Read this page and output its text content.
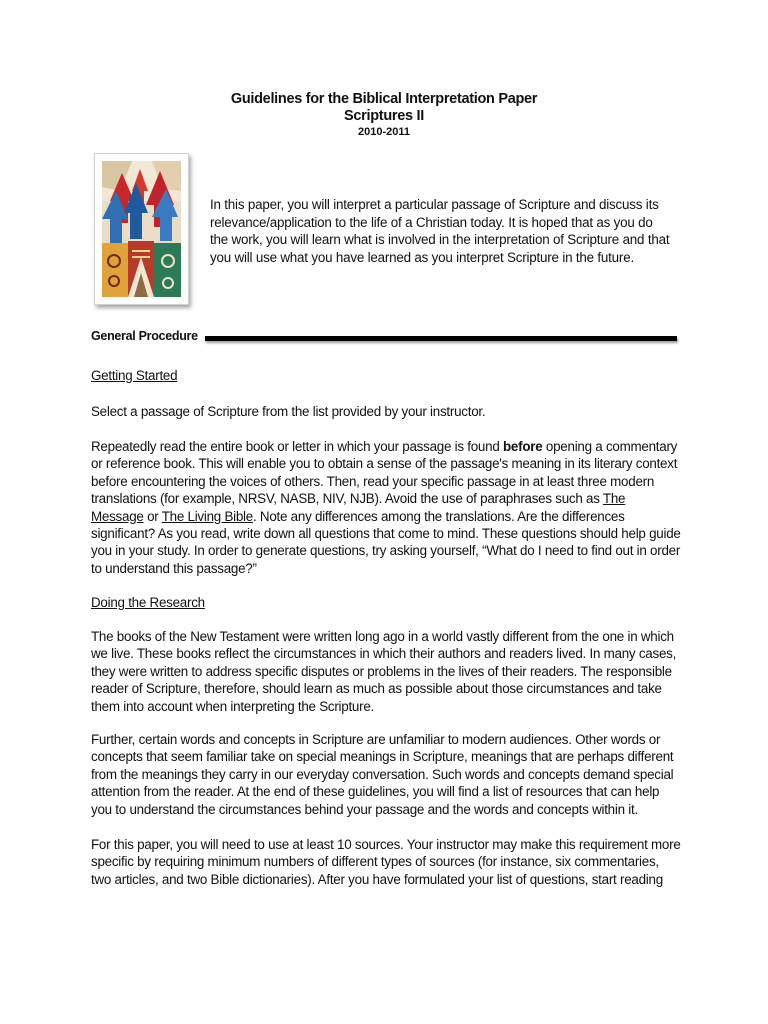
Guidelines for the Biblical Interpretation Paper
Scriptures II
2010-2011
In this paper, you will interpret a particular passage of Scripture and discuss its relevance/application to the life of a Christian today. It is hoped that as you do the work, you will learn what is involved in the interpretation of Scripture and that you will use what you have learned as you interpret Scripture in the future.
General Procedure

Getting Started

Select a passage of Scripture from the list provided by your instructor.

Repeatedly read the entire book or letter in which your passage is found before opening a commentary or reference book. This will enable you to obtain a sense of the passage's meaning in its literary context before encountering the voices of others. Then, read your specific passage in at least three modern translations (for example, NRSV, NASB, NIV, NJB). Avoid the use of paraphrases such as The Message or The Living Bible. Note any differences among the translations. Are the differences significant? As you read, write down all questions that come to mind. These questions should help guide you in your study. In order to generate questions, try asking yourself, “What do I need to find out in order to understand this passage?”

Doing the Research

The books of the New Testament were written long ago in a world vastly different from the one in which we live. These books reflect the circumstances in which their authors and readers lived. In many cases, they were written to address specific disputes or problems in the lives of their readers. The responsible reader of Scripture, therefore, should learn as much as possible about those circumstances and take them into account when interpreting the Scripture.

Further, certain words and concepts in Scripture are unfamiliar to modern audiences. Other words or concepts that seem familiar take on special meanings in Scripture, meanings that are perhaps different from the meanings they carry in our everyday conversation. Such words and concepts demand special attention from the reader. At the end of these guidelines, you will find a list of resources that can help you to understand the circumstances behind your passage and the words and concepts within it.

For this paper, you will need to use at least 10 sources. Your instructor may make this requirement more specific by requiring minimum numbers of different types of sources (for instance, six commentaries, two articles, and two Bible dictionaries). After you have formulated your list of questions, start reading
